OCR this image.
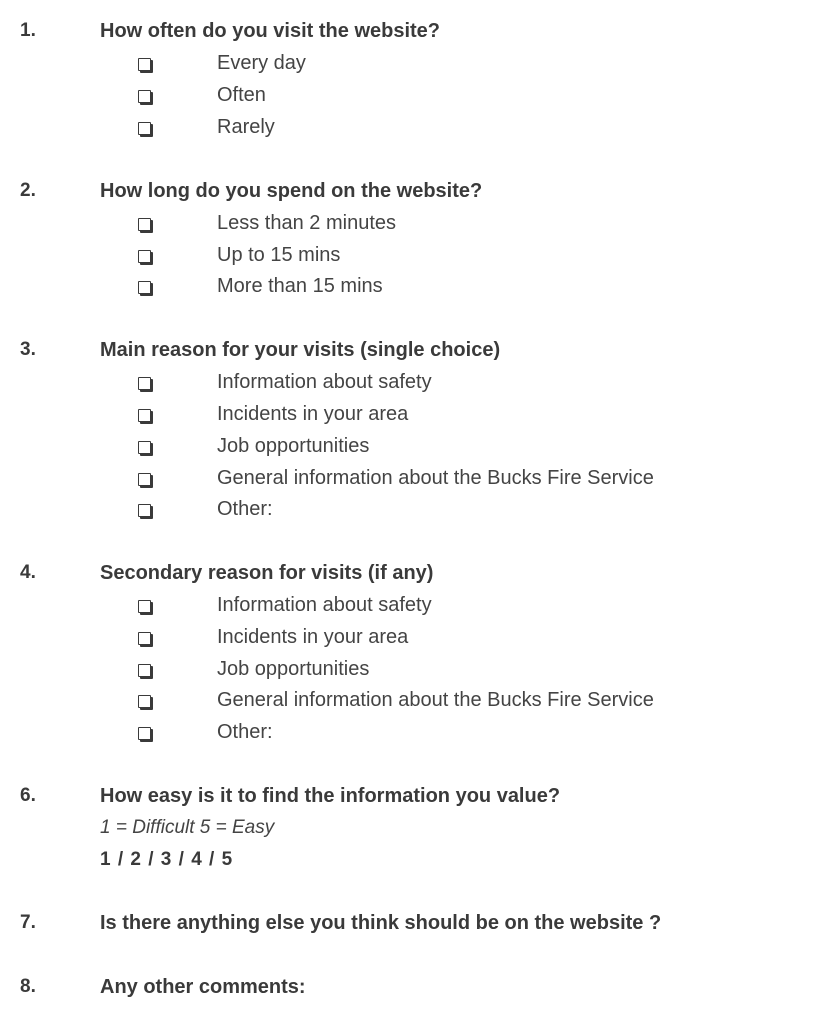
1.	How often do you visit the website?
Every day
Often
Rarely
2.	How long do you spend on the website?
Less than 2 minutes
Up to 15 mins
More than 15 mins
3.	Main reason for your visits (single choice)
Information about safety
Incidents in your area
Job opportunities
General information about the Bucks Fire Service
Other:
4.	Secondary reason for visits (if any)
Information about safety
Incidents in your area
Job opportunities
General information about the Bucks Fire Service
Other:
6.	How easy is it to find the information you value?
1 = Difficult 5 = Easy
1 / 2 / 3 / 4 / 5
7.	Is there anything else you think should be on the website ?
8.	Any other comments:
